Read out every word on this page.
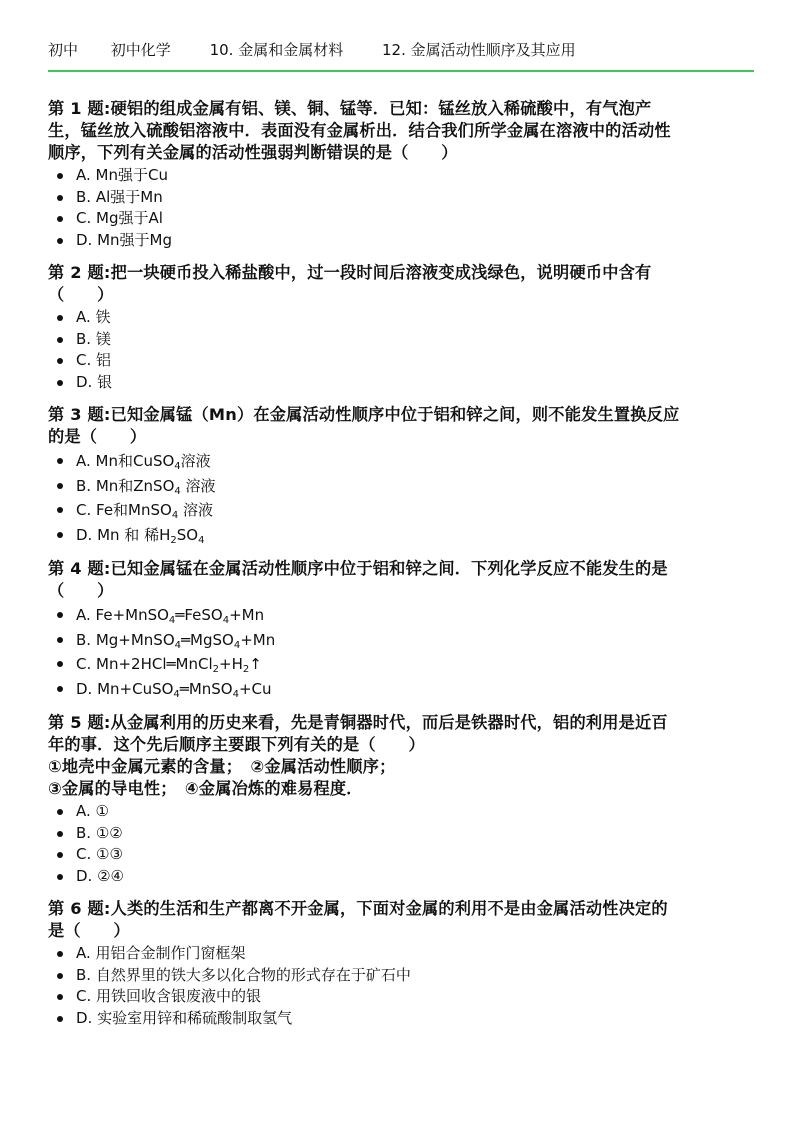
初中 初中化学	10. 金属和金属材料	12. 金属活动性顺序及其应用
第 1 题:硬铝的组成金属有铝、镁、铜、锰等．已知：锰丝放入稀硫酸中，有气泡产
生，锰丝放入硫酸铝溶液中．表面没有金属析出．结合我们所学金属在溶液中的活动性
顺序，下列有关金属的活动性强弱判断错误的是（　　）
A. Mn强于Cu
B. Al强于Mn
C. Mg强于Al
D. Mn强于Mg
第 2 题:把一块硬币投入稀盐酸中，过一段时间后溶液变成浅绿色，说明硬币中含有
（　　）
A. 铁
B. 镁
C. 铝
D. 银
第 3 题:已知金属锰（Mn）在金属活动性顺序中位于铝和锌之间，则不能发生置换反应
的是（　　）
A. Mn和CuSO$_4$溶液
B. Mn和ZnSO$_4$ 溶液
C. Fe和MnSO$_4$ 溶液
D. Mn 和 稀$H_2SO_4$
第 4 题:已知金属锰在金属活动性顺序中位于铝和锌之间．下列化学反应不能发生的是
（　　）
A. Fe+MnSO$_4$═FeSO$_4$+Mn
B. Mg+MnSO$_4$═MgSO$_4$+Mn
C. $Mn+2HCl═MnCl_2+H_2↑$
D. Mn+CuSO$_4$═MnSO$_4$+Cu
第 5 题:从金属利用的历史来看，先是青铜器时代，而后是铁器时代，铝的利用是近百
年的事．这个先后顺序主要跟下列有关的是（　　）
①地壳中金属元素的含量；　②金属活动性顺序；
③金属的导电性；　④金属冶炼的难易程度．
A. ①
B. ①②
C. ①③
D. ②④
第 6 题:人类的生活和生产都离不开金属，下面对金属的利用不是由金属活动性决定的
是（　　）
A. 用铝合金制作门窗框架
B. 自然界里的铁大多以化合物的形式存在于矿石中
C. 用铁回收含银废液中的银
D. 实验室用锌和稀硫酸制取氢气
